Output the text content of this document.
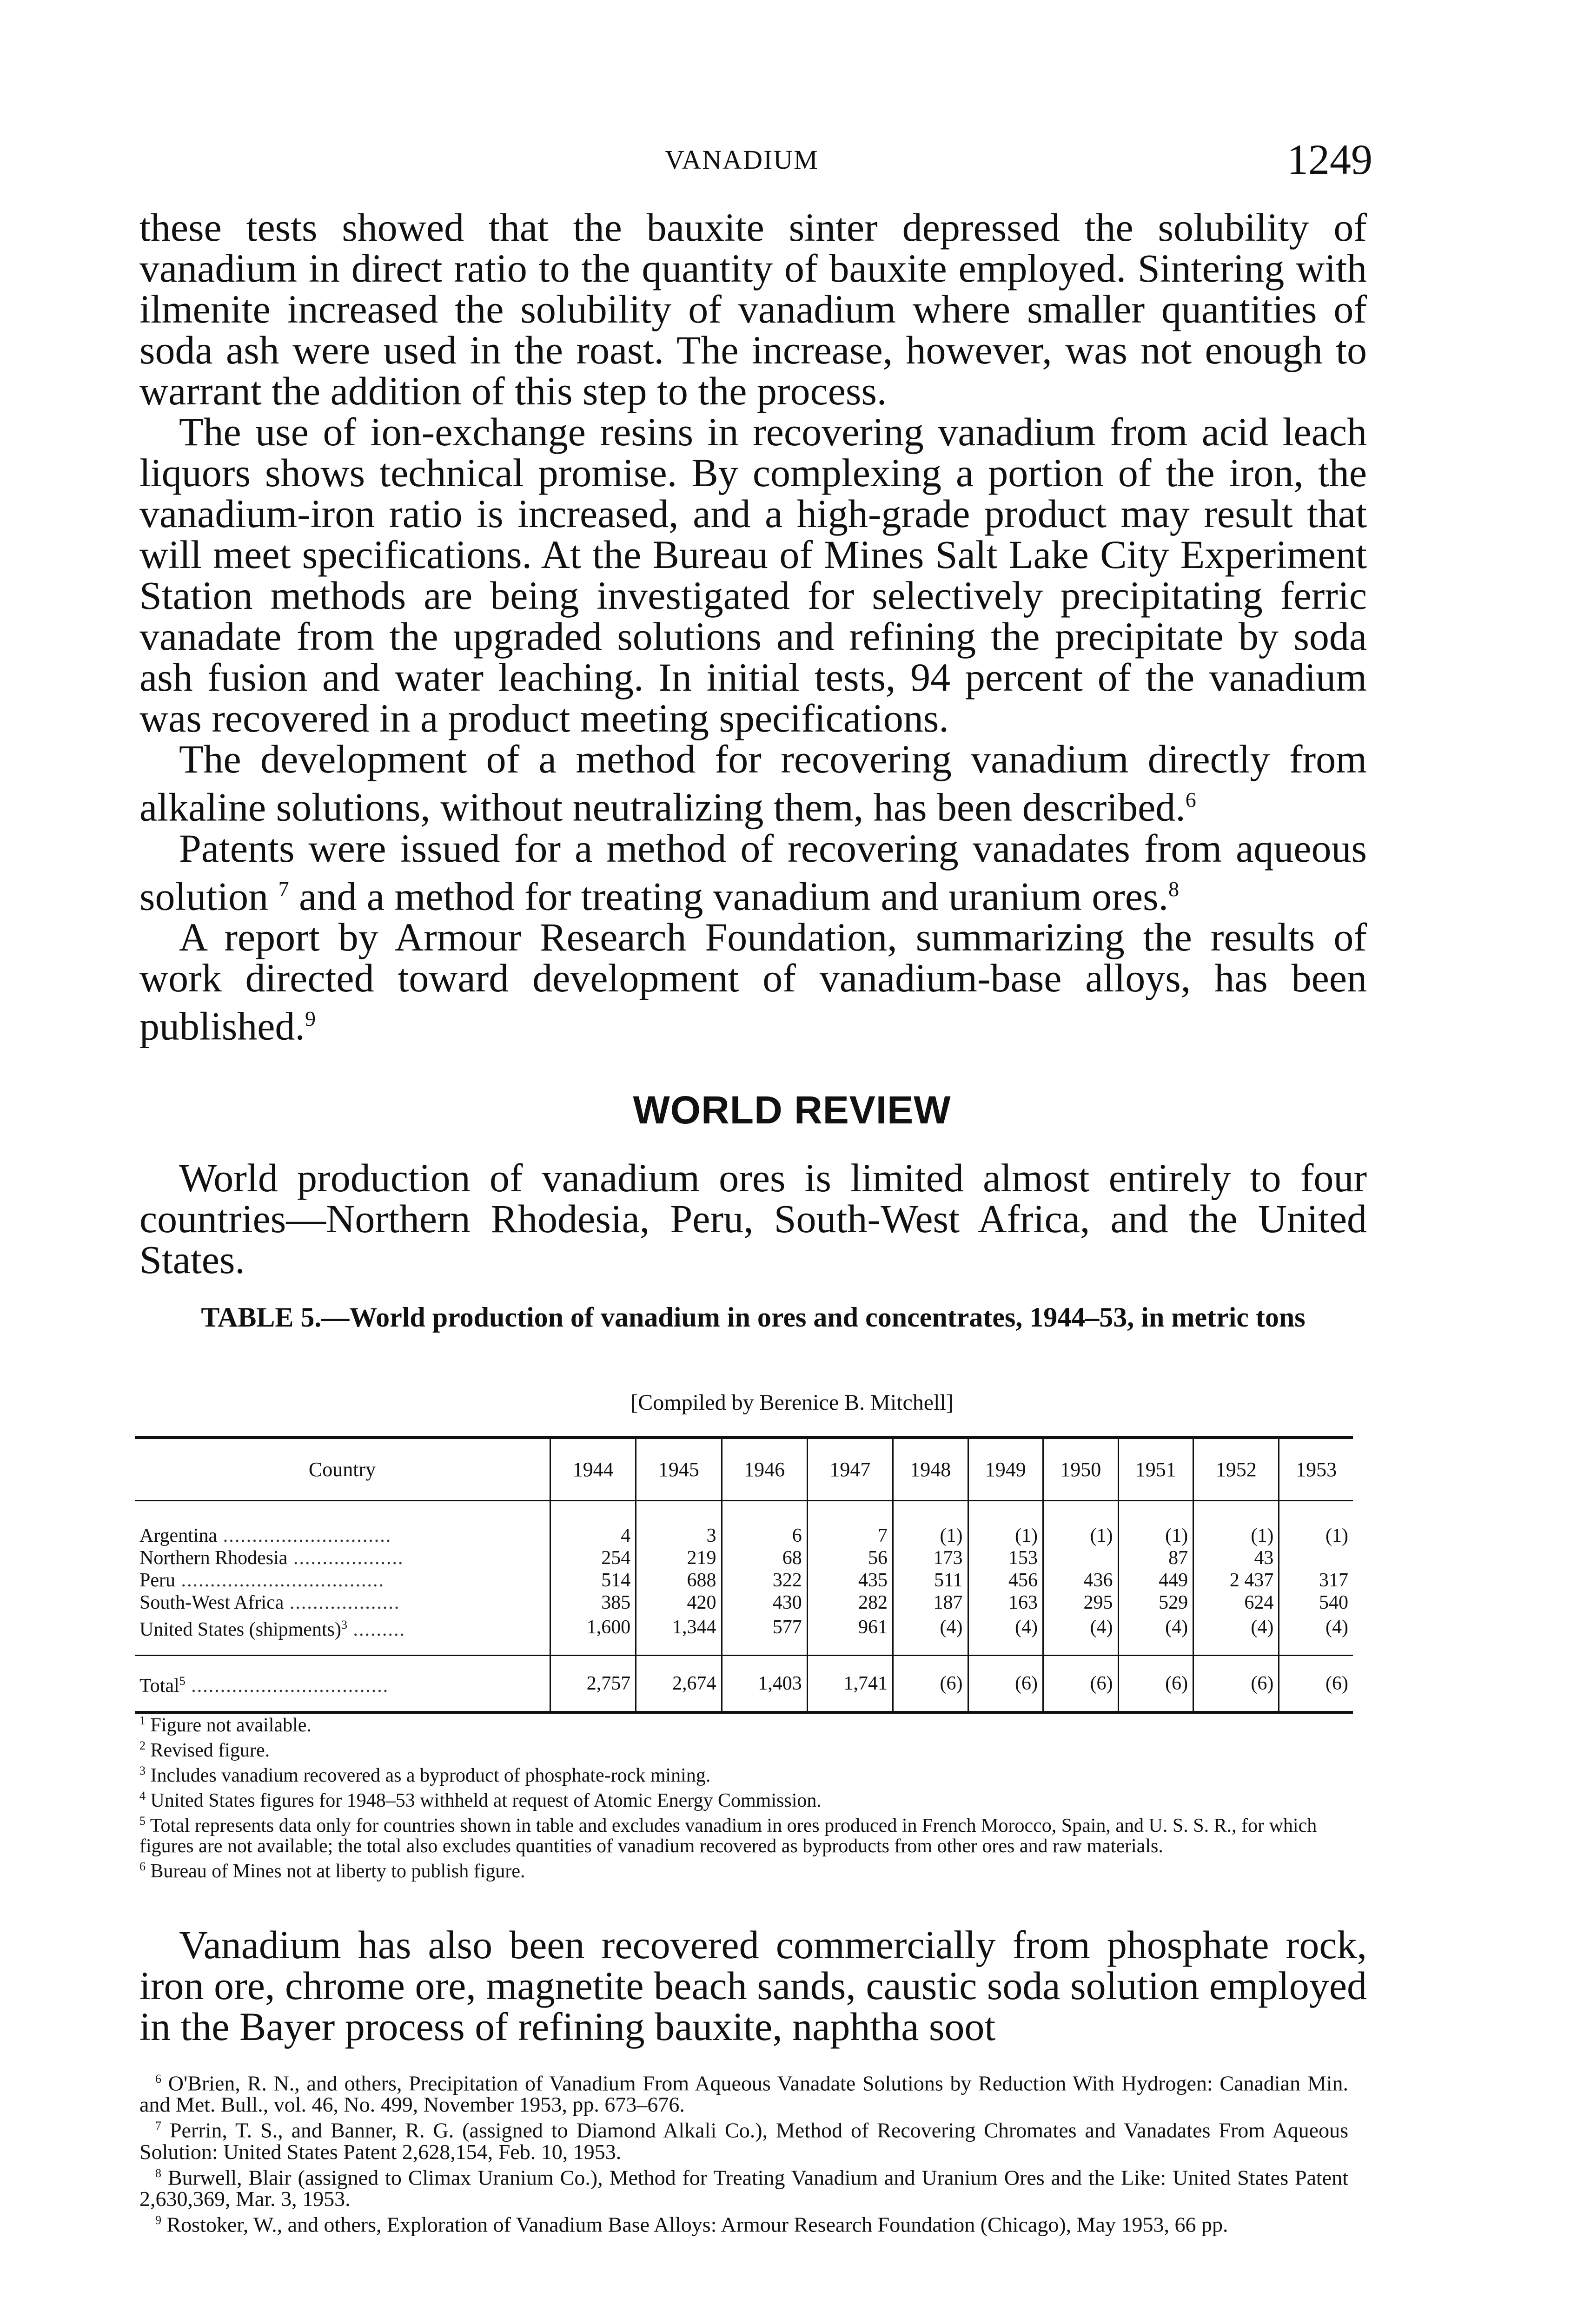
VANADIUM	1249

these tests showed that the bauxite sinter depressed the solubility of vanadium in direct ratio to the quantity of bauxite employed. Sintering with ilmenite increased the solubility of vanadium where smaller quantities of soda ash were used in the roast. The increase, however, was not enough to warrant the addition of this step to the process.

The use of ion-exchange resins in recovering vanadium from acid leach liquors shows technical promise. By complexing a portion of the iron, the vanadium-iron ratio is increased, and a high-grade product may result that will meet specifications. At the Bureau of Mines Salt Lake City Experiment Station methods are being investigated for selectively precipitating ferric vanadate from the upgraded solutions and refining the precipitate by soda ash fusion and water leaching. In initial tests, 94 percent of the vanadium was recovered in a product meeting specifications.

The development of a method for recovering vanadium directly from alkaline solutions, without neutralizing them, has been described.$^6$

Patents were issued for a method of recovering vanadates from aqueous solution $^7$ and a method for treating vanadium and uranium ores.$^8$

A report by Armour Research Foundation, summarizing the results of work directed toward development of vanadium-base alloys, has been published.$^9$

WORLD REVIEW

World production of vanadium ores is limited almost entirely to four countries—Northern Rhodesia, Peru, South-West Africa, and the United States.

TABLE 5.—World production of vanadium in ores and concentrates, 1944–53, in metric tons
[Compiled by Berenice B. Mitchell]
Country	1944	1945	1946	1947	1948	1949	1950	1951	1952	1953
Argentina .............................	4	3	6	7	(1)	(1)	(1)	(1)	(1)	(1)
Northern Rhodesia ...................	254	219	68	56	173	153		87	43	
Peru ...................................	514	688	322	435	511	456	436	449	2 437	317
South-West Africa ...................	385	420	430	282	187	163	295	529	624	540
United States (shipments)$^3$ .........	1,600	1,344	577	961	(4)	(4)	(4)	(4)	(4)	(4)
Total$^5$ ..................................	2,757	2,674	1,403	1,741	(6)	(6)	(6)	(6)	(6)	(6)

$^1$ Figure not available.

$^2$ Revised figure.

$^3$ Includes vanadium recovered as a byproduct of phosphate-rock mining.

$^4$ United States figures for 1948–53 withheld at request of Atomic Energy Commission.

$^5$ Total represents data only for countries shown in table and excludes vanadium in ores produced in French Morocco, Spain, and U. S. S. R., for which figures are not available; the total also excludes quantities of vanadium recovered as byproducts from other ores and raw materials.

$^6$ Bureau of Mines not at liberty to publish figure.

Vanadium has also been recovered commercially from phosphate rock, iron ore, chrome ore, magnetite beach sands, caustic soda solution employed in the Bayer process of refining bauxite, naphtha soot

$^6$ O'Brien, R. N., and others, Precipitation of Vanadium From Aqueous Vanadate Solutions by Reduction With Hydrogen: Canadian Min. and Met. Bull., vol. 46, No. 499, November 1953, pp. 673–676.

$^7$ Perrin, T. S., and Banner, R. G. (assigned to Diamond Alkali Co.), Method of Recovering Chromates and Vanadates From Aqueous Solution: United States Patent 2,628,154, Feb. 10, 1953.

$^8$ Burwell, Blair (assigned to Climax Uranium Co.), Method for Treating Vanadium and Uranium Ores and the Like: United States Patent 2,630,369, Mar. 3, 1953.

$^9$ Rostoker, W., and others, Exploration of Vanadium Base Alloys: Armour Research Foundation (Chicago), May 1953, 66 pp.
